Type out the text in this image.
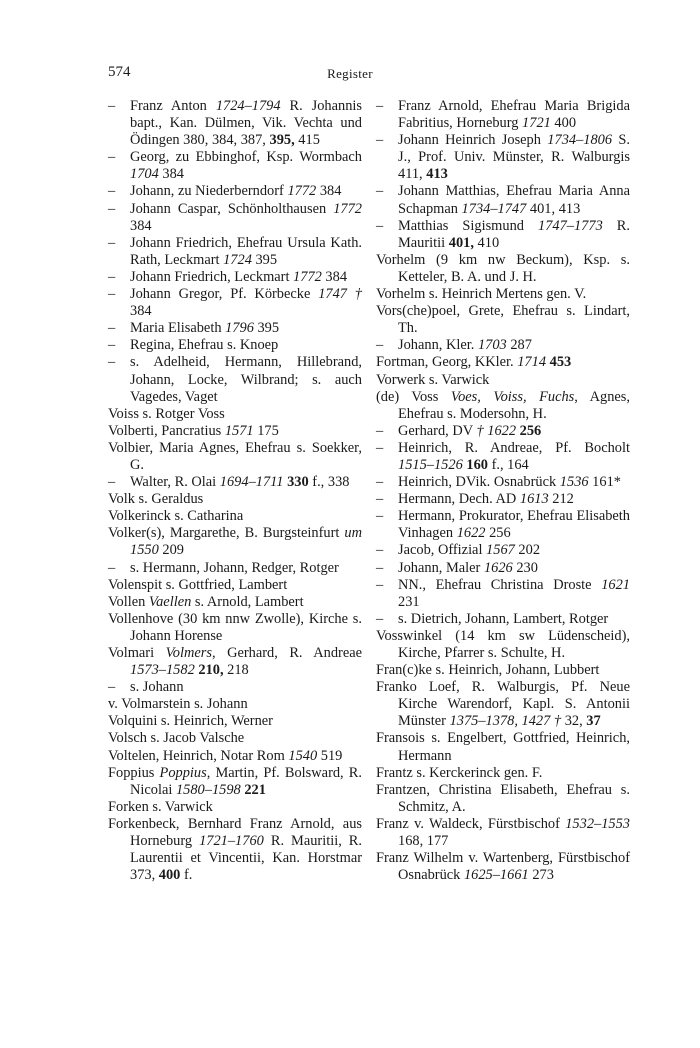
574	Register

– Franz Anton 1724–1794 R. Johannis bapt., Kan. Dülmen, Vik. Vechta und Ödingen 380, 384, 387, 395, 415

– Georg, zu Ebbinghof, Ksp. Wormbach 1704 384

– Johann, zu Niederberndorf 1772 384

– Johann Caspar, Schönholthausen 1772 384

– Johann Friedrich, Ehefrau Ursula Kath. Rath, Leckmart 1724 395

– Johann Friedrich, Leckmart 1772 384

– Johann Gregor, Pf. Körbecke 1747 † 384

– Maria Elisabeth 1796 395

– Regina, Ehefrau s. Knoep

– s. Adelheid, Hermann, Hillebrand, Johann, Locke, Wilbrand; s. auch Vagedes, Vaget

Voiss s. Rotger Voss

Volberti, Pancratius 1571 175

Volbier, Maria Agnes, Ehefrau s. Soekker, G.

– Walter, R. Olai 1694–1711 330 f., 338

Volk s. Geraldus

Volkerinck s. Catharina

Volker(s), Margarethe, B. Burgsteinfurt um 1550 209

– s. Hermann, Johann, Redger, Rotger

Volenspit s. Gottfried, Lambert

Vollen Vaellen s. Arnold, Lambert

Vollenhove (30 km nnw Zwolle), Kirche s. Johann Horense

Volmari Volmers, Gerhard, R. Andreae 1573–1582 210, 218

– s. Johann

v. Volmarstein s. Johann

Volquini s. Heinrich, Werner

Volsch s. Jacob Valsche

Voltelen, Heinrich, Notar Rom 1540 519

Foppius Poppius, Martin, Pf. Bolsward, R. Nicolai 1580–1598 221

Forken s. Varwick

Forkenbeck, Bernhard Franz Arnold, aus Horneburg 1721–1760 R. Mauritii, R. Laurentii et Vincentii, Kan. Horstmar 373, 400 f.

– Franz Arnold, Ehefrau Maria Brigida Fabritius, Horneburg 1721 400

– Johann Heinrich Joseph 1734–1806 S. J., Prof. Univ. Münster, R. Walburgis 411, 413

– Johann Matthias, Ehefrau Maria Anna Schapman 1734–1747 401, 413

– Matthias Sigismund 1747–1773 R. Mauritii 401, 410

Vorhelm (9 km nw Beckum), Ksp. s. Ketteler, B. A. und J. H.

Vorhelm s. Heinrich Mertens gen. V.

Vors(che)poel, Grete, Ehefrau s. Lindart, Th.

– Johann, Kler. 1703 287

Fortman, Georg, KKler. 1714 453

Vorwerk s. Varwick

(de) Voss Voes, Voiss, Fuchs, Agnes, Ehefrau s. Modersohn, H.

– Gerhard, DV † 1622 256

– Heinrich, R. Andreae, Pf. Bocholt 1515–1526 160 f., 164

– Heinrich, DVik. Osnabrück 1536 161*

– Hermann, Dech. AD 1613 212

– Hermann, Prokurator, Ehefrau Elisabeth Vinhagen 1622 256

– Jacob, Offizial 1567 202

– Johann, Maler 1626 230

– NN., Ehefrau Christina Droste 1621 231

– s. Dietrich, Johann, Lambert, Rotger

Vosswinkel (14 km sw Lüdenscheid), Kirche, Pfarrer s. Schulte, H.

Fran(c)ke s. Heinrich, Johann, Lubbert

Franko Loef, R. Walburgis, Pf. Neue Kirche Warendorf, Kapl. S. Antonii Münster 1375–1378, 1427 † 32, 37

Fransois s. Engelbert, Gottfried, Heinrich, Hermann

Frantz s. Kerckerinck gen. F.

Frantzen, Christina Elisabeth, Ehefrau s. Schmitz, A.

Franz v. Waldeck, Fürstbischof 1532–1553 168, 177

Franz Wilhelm v. Wartenberg, Fürstbischof Osnabrück 1625–1661 273
